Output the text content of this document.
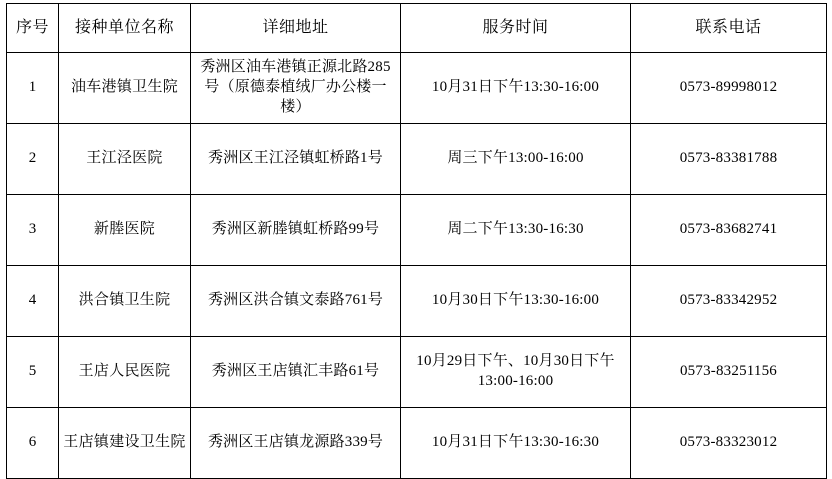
序号	接种单位名称	详细地址	服务时间	联系电话
1	油车港镇卫生院	秀洲区油车港镇正源北路285号（原德泰植绒厂办公楼一楼）	10月31日下午13:30-16:00	0573-89998012
2	王江泾医院	秀洲区王江泾镇虹桥路1号	周三下午13:00-16:00	0573-83381788
3	新塍医院	秀洲区新塍镇虹桥路99号	周二下午13:30-16:30	0573-83682741
4	洪合镇卫生院	秀洲区洪合镇文泰路761号	10月30日下午13:30-16:00	0573-83342952
5	王店人民医院	秀洲区王店镇汇丰路61号	10月29日下午、10月30日下午13:00-16:00	0573-83251156
6	王店镇建设卫生院	秀洲区王店镇龙源路339号	10月31日下午13:30-16:30	0573-83323012
